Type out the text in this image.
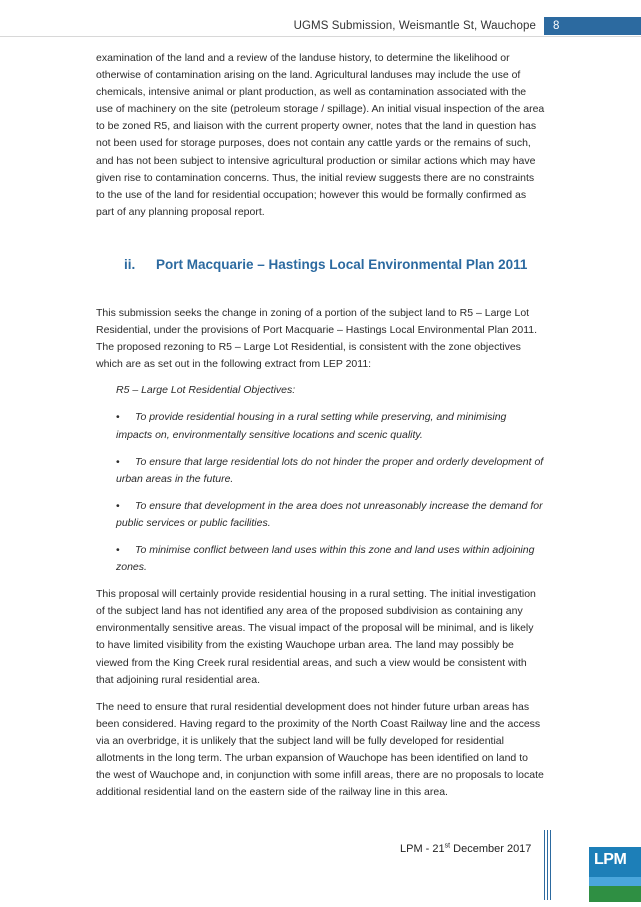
UGMS Submission, Weismantle St, Wauchope	8

examination of the land and a review of the landuse history, to determine the likelihood or otherwise of contamination arising on the land. Agricultural landuses may include the use of chemicals, intensive animal or plant production, as well as contamination associated with the use of machinery on the site (petroleum storage / spillage). An initial visual inspection of the area to be zoned R5, and liaison with the current property owner, notes that the land in question has not been used for storage purposes, does not contain any cattle yards or the remains of such, and has not been subject to intensive agricultural production or similar actions which may have given rise to contamination concerns. Thus, the initial review suggests there are no constraints to the use of the land for residential occupation; however this would be formally confirmed as part of any planning proposal report.

ii.	Port Macquarie – Hastings Local Environmental Plan 2011

This submission seeks the change in zoning of a portion of the subject land to R5 – Large Lot Residential, under the provisions of Port Macquarie – Hastings Local Environmental Plan 2011. The proposed rezoning to R5 – Large Lot Residential, is consistent with the zone objectives which are as set out in the following extract from LEP 2011:

R5 – Large Lot Residential Objectives:
• To provide residential housing in a rural setting while preserving, and minimising impacts on, environmentally sensitive locations and scenic quality.
• To ensure that large residential lots do not hinder the proper and orderly development of urban areas in the future.
• To ensure that development in the area does not unreasonably increase the demand for public services or public facilities.
• To minimise conflict between land uses within this zone and land uses within adjoining zones.

This proposal will certainly provide residential housing in a rural setting. The initial investigation of the subject land has not identified any area of the proposed subdivision as containing any environmentally sensitive areas. The visual impact of the proposal will be minimal, and is likely to have limited visibility from the existing Wauchope urban area. The land may possibly be viewed from the King Creek rural residential areas, and such a view would be consistent with that adjoining rural residential area.

The need to ensure that rural residential development does not hinder future urban areas has been considered. Having regard to the proximity of the North Coast Railway line and the access via an overbridge, it is unlikely that the subject land will be fully developed for residential allotments in the long term. The urban expansion of Wauchope has been identified on land to the west of Wauchope and, in conjunction with some infill areas, there are no proposals to locate additional residential land on the eastern side of the railway line in this area.

LPM - 21st December 2017
LPM
